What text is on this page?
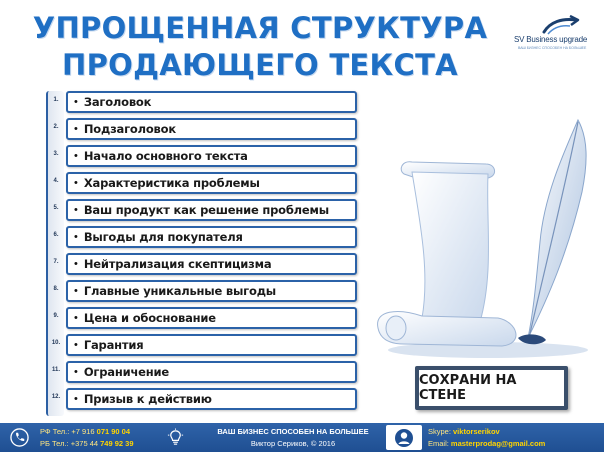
УПРОЩЕННАЯ СТРУКТУРА
ПРОДАЮЩЕГО ТЕКСТА
SV Business upgrade
ВАШ БИЗНЕС СПОСОБЕН НА БОЛЬШЕЕ
1.	• Заголовок
2.	• Подзаголовок
3.	• Начало основного текста
4.	• Характеристика проблемы
5.	• Ваш продукт как решение проблемы
6.	• Выгоды для покупателя
7.	• Нейтрализация скептицизма
8.	• Главные уникальные выгоды
9.	• Цена и обоснование
10. • Гарантия
11. • Ограничение
12. • Призыв к действию
СОХРАНИ НА СТЕНЕ
РФ Тел.: +7 916 071 90 04
РБ Тел.: +375 44 749 92 39
ВАШ БИЗНЕС СПОСОБЕН НА БОЛЬШЕЕ
Виктор Сериков, © 2016
Skype: viktorserikov
Email: masterprodag@gmail.com
